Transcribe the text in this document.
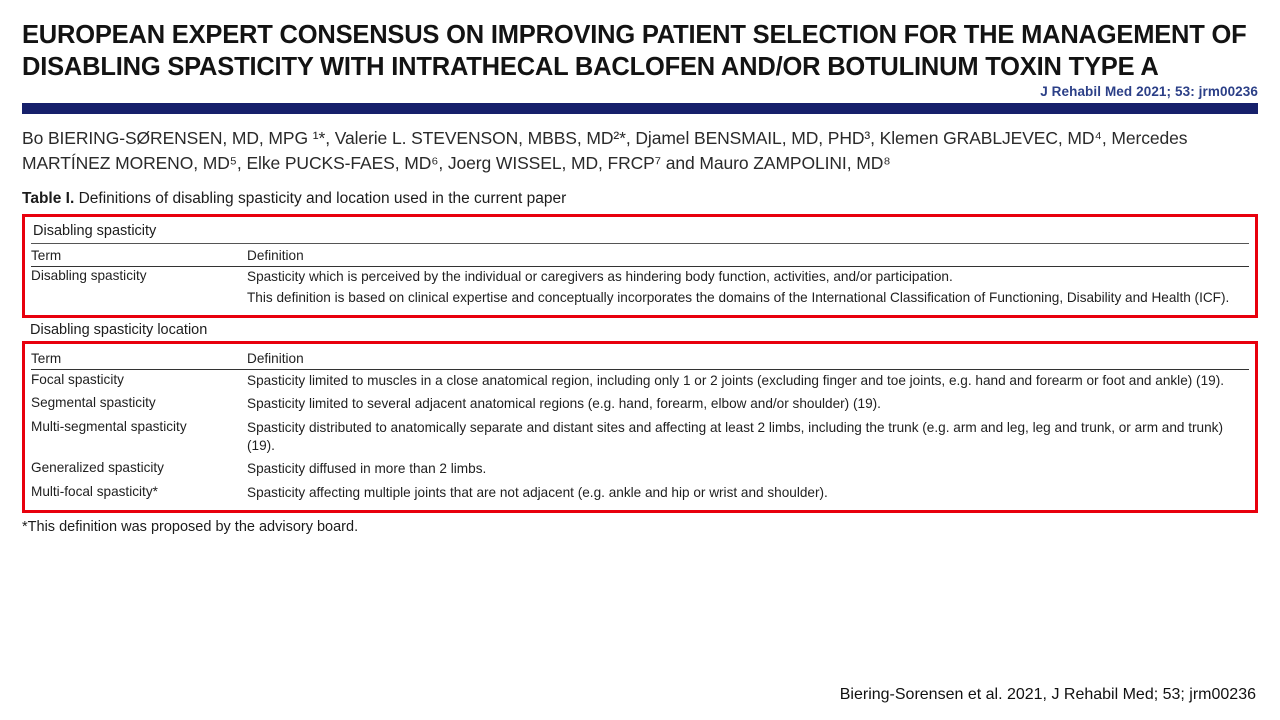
EUROPEAN EXPERT CONSENSUS ON IMPROVING PATIENT SELECTION FOR THE MANAGEMENT OF DISABLING SPASTICITY WITH INTRATHECAL BACLOFEN AND/OR BOTULINUM TOXIN TYPE A
J Rehabil Med 2021; 53: jrm00236
Bo BIERING-SØRENSEN, MD, MPG ¹*, Valerie L. STEVENSON, MBBS, MD²*, Djamel BENSMAIL, MD, PHD³, Klemen GRABLJEVEC, MD⁴, Mercedes MARTÍNEZ MORENO, MD⁵, Elke PUCKS-FAES, MD⁶, Joerg WISSEL, MD, FRCP⁷ and Mauro ZAMPOLINI, MD⁸
Table I. Definitions of disabling spasticity and location used in the current paper
Disabling spasticity
Term	Definition
Disabling spasticity	Spasticity which is perceived by the individual or caregivers as hindering body function, activities, and/or participation.

This definition is based on clinical expertise and conceptually incorporates the domains of the International Classification of Functioning, Disability and Health (ICF).

Disabling spasticity location
Term	Definition
Focal spasticity	Spasticity limited to muscles in a close anatomical region, including only 1 or 2 joints (excluding finger and toe joints, e.g. hand and forearm or foot and ankle) (19).

Segmental spasticity	Spasticity limited to several adjacent anatomical regions (e.g. hand, forearm, elbow and/or shoulder) (19).

Multi-segmental spasticity	Spasticity distributed to anatomically separate and distant sites and affecting at least 2 limbs, including the trunk (e.g. arm and leg, leg and trunk, or arm and trunk) (19).

Generalized spasticity	Spasticity diffused in more than 2 limbs.

Multi-focal spasticity*	Spasticity affecting multiple joints that are not adjacent (e.g. ankle and hip or wrist and shoulder).

*This definition was proposed by the advisory board.
Biering-Sorensen et al. 2021, J Rehabil Med; 53; jrm00236
